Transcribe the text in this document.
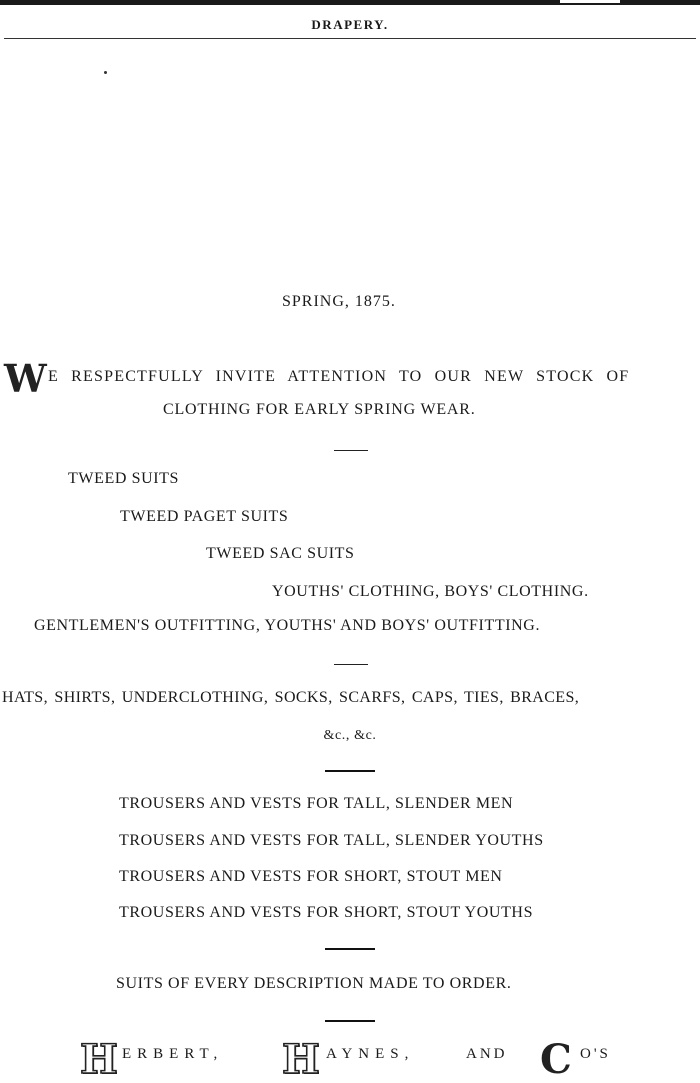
DRAPERY.
SPRING, 1875.
W E RESPECTFULLY INVITE ATTENTION TO OUR NEW STOCK OF
CLOTHING FOR EARLY SPRING WEAR.
TWEED SUITS
TWEED PAGET SUITS
TWEED SAC SUITS
YOUTHS' CLOTHING, BOYS' CLOTHING.
GENTLEMEN'S OUTFITTING, YOUTHS' AND BOYS' OUTFITTING.
HATS, SHIRTS, UNDERCLOTHING, SOCKS, SCARFS, CAPS, TIES, BRACES,
&c., &c.
TROUSERS AND VESTS FOR TALL, SLENDER MEN
TROUSERS AND VESTS FOR TALL, SLENDER YOUTHS
TROUSERS AND VESTS FOR SHORT, STOUT MEN
TROUSERS AND VESTS FOR SHORT, STOUT YOUTHS
SUITS OF EVERY DESCRIPTION MADE TO ORDER.
H ERBERT, H AYNES,	AND C O'S
